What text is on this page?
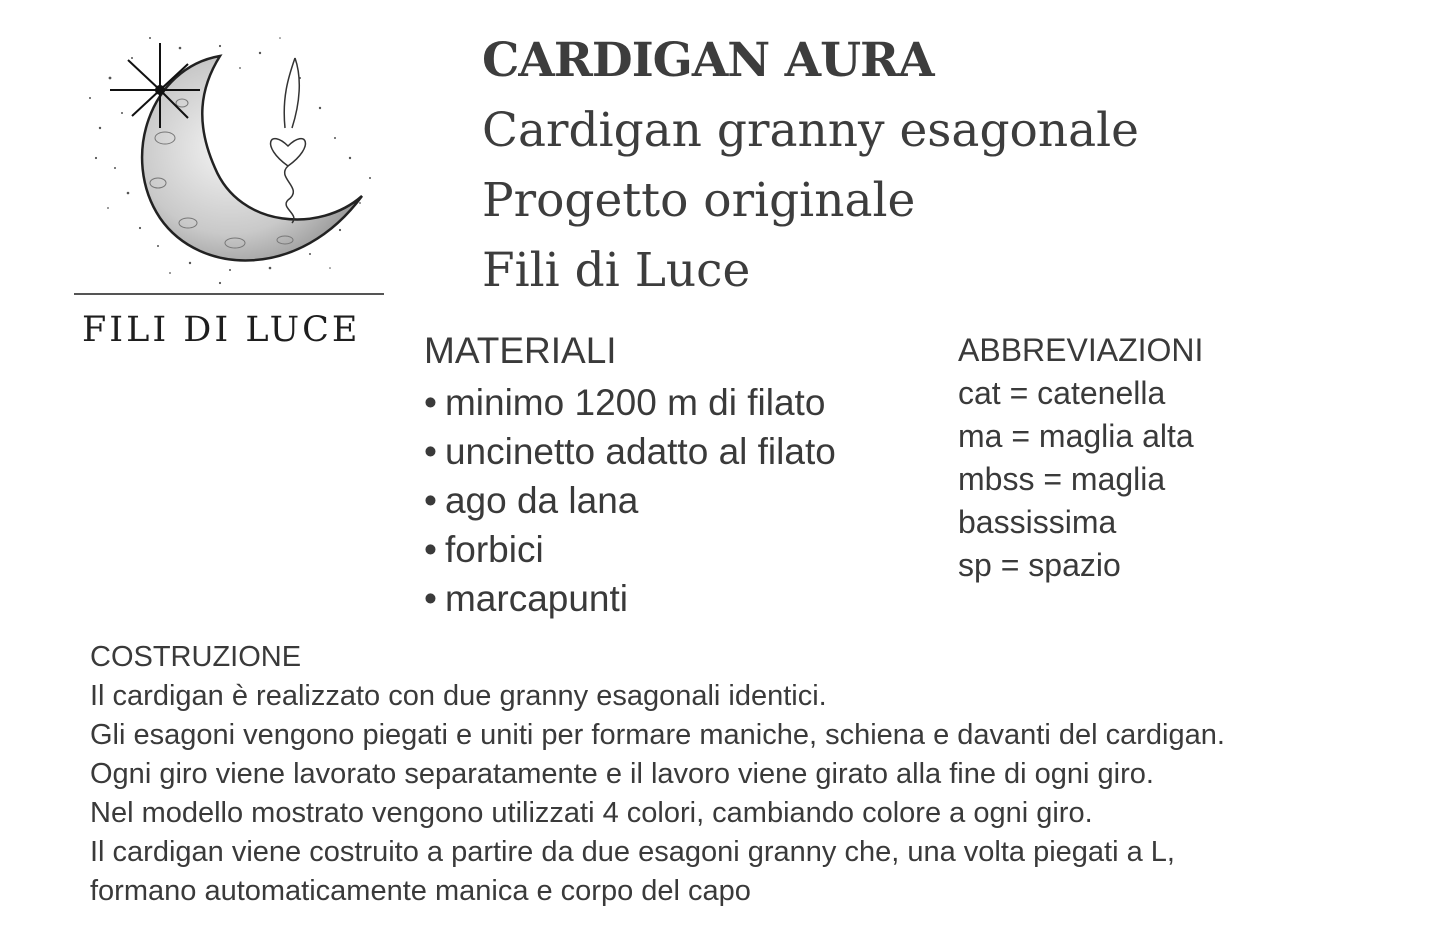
FILI DI LUCE
CARDIGAN AURA
Cardigan granny esagonale
Progetto originale
Fili di Luce
MATERIALI
• minimo 1200 m di filato
• uncinetto adatto al filato
• ago da lana
• forbici
• marcapunti
ABBREVIAZIONI
cat = catenella
ma = maglia alta
mbss = maglia
bassissima
sp = spazio
COSTRUZIONE
Il cardigan è realizzato con due granny esagonali identici.
Gli esagoni vengono piegati e uniti per formare maniche, schiena e davanti del cardigan.
Ogni giro viene lavorato separatamente e il lavoro viene girato alla fine di ogni giro.
Nel modello mostrato vengono utilizzati 4 colori, cambiando colore a ogni giro.
Il cardigan viene costruito a partire da due esagoni granny che, una volta piegati a L,
formano automaticamente manica e corpo del capo
